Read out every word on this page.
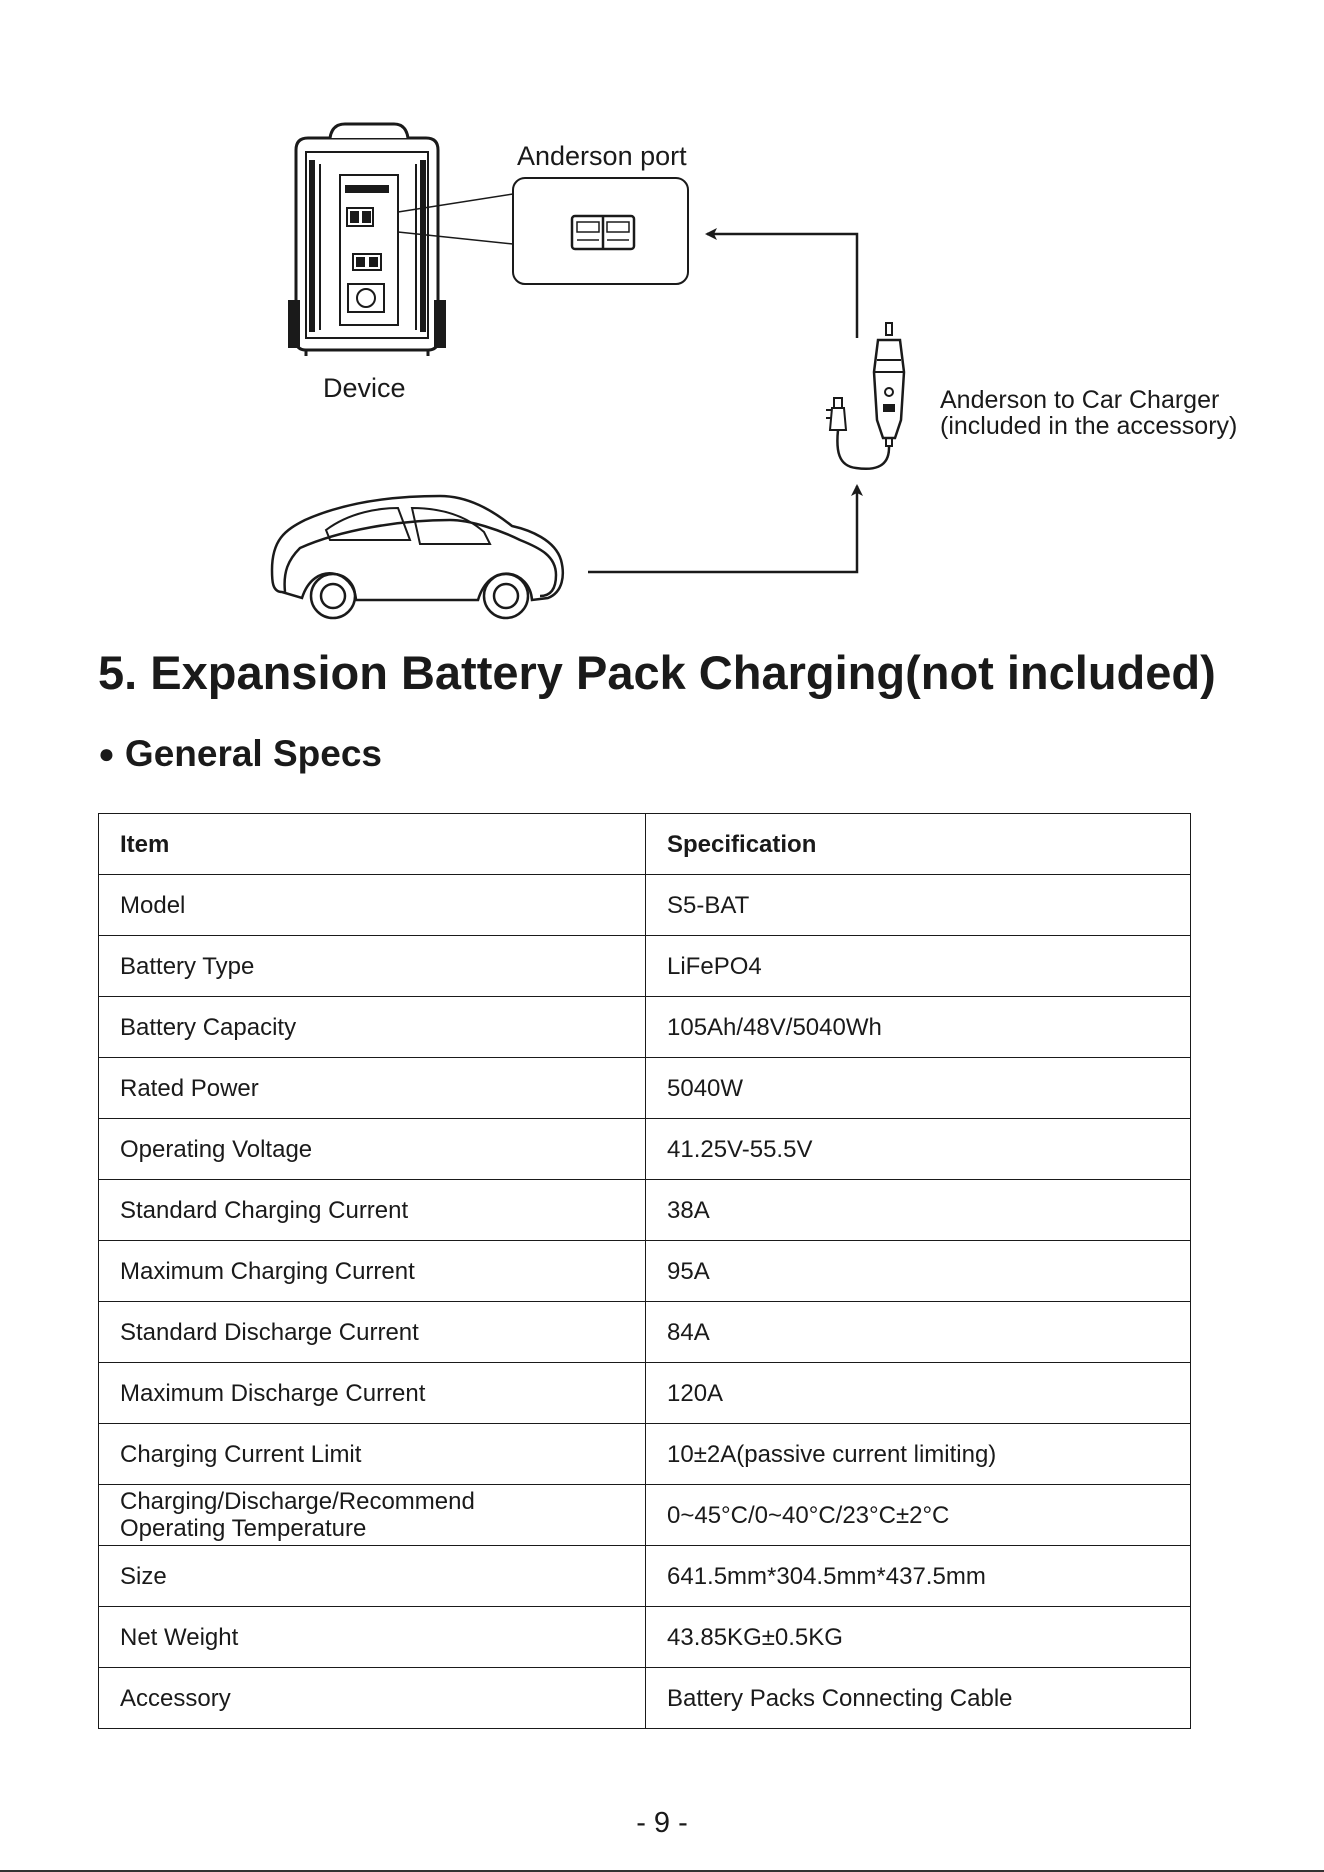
Device
Anderson port
Anderson to Car Charger
(included in the accessory)
5. Expansion Battery Pack Charging(not included)
● General Specs
Item	Specification
Model	S5-BAT
Battery Type	LiFePO4
Battery Capacity	105Ah/48V/5040Wh
Rated Power	5040W
Operating Voltage	41.25V-55.5V
Standard Charging Current	38A
Maximum Charging Current	95A
Standard Discharge Current	84A
Maximum Discharge Current	120A
Charging Current Limit	10±2A(passive current limiting)
Charging/Discharge/Recommend
Operating Temperature	0~45°C/0~40°C/23°C±2°C
Size	641.5mm*304.5mm*437.5mm
Net Weight	43.85KG±0.5KG
Accessory	Battery Packs Connecting Cable
- 9 -
